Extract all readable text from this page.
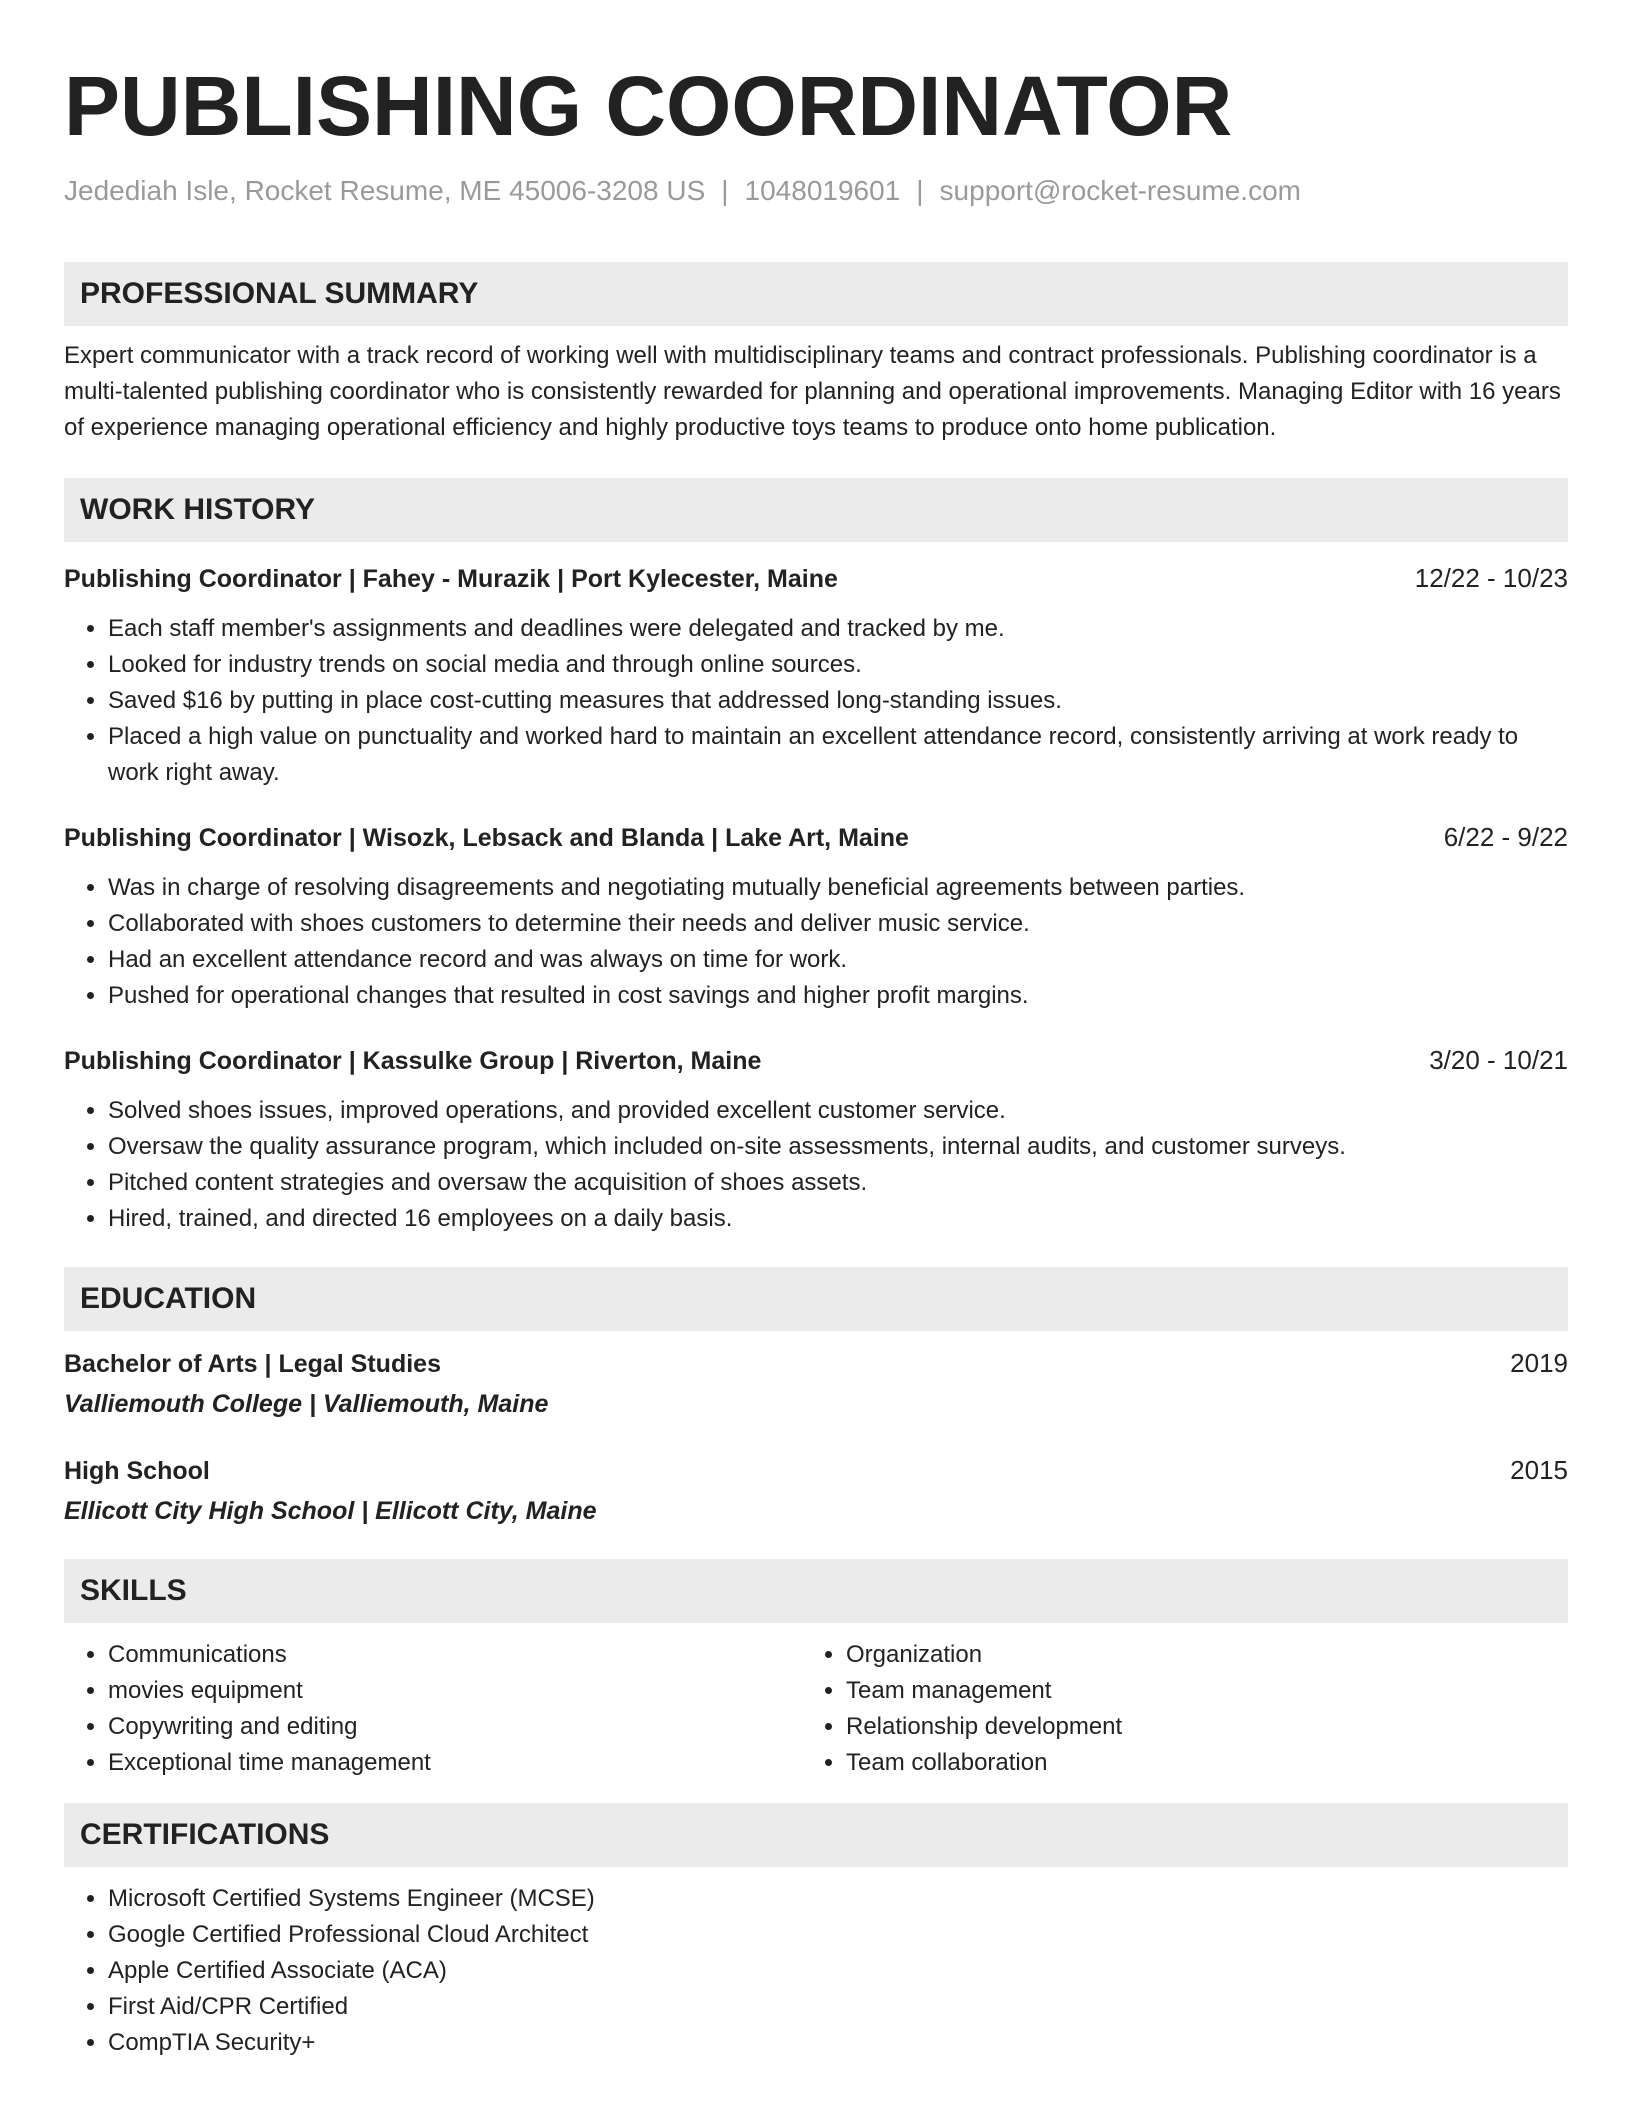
PUBLISHING COORDINATOR
Jedediah Isle, Rocket Resume, ME 45006-3208 US | 1048019601 | support@rocket-resume.com
PROFESSIONAL SUMMARY

Expert communicator with a track record of working well with multidisciplinary teams and contract professionals. Publishing coordinator is a multi-talented publishing coordinator who is consistently rewarded for planning and operational improvements. Managing Editor with 16 years of experience managing operational efficiency and highly productive toys teams to produce onto home publication.

WORK HISTORY
Publishing Coordinator | Fahey - Murazik | Port Kylecester, Maine	12/22 - 10/23
• Each staff member's assignments and deadlines were delegated and tracked by me.
• Looked for industry trends on social media and through online sources.
• Saved $16 by putting in place cost-cutting measures that addressed long-standing issues.
• Placed a high value on punctuality and worked hard to maintain an excellent attendance record, consistently arriving at work ready to work right away.
Publishing Coordinator | Wisozk, Lebsack and Blanda | Lake Art, Maine	6/22 - 9/22
• Was in charge of resolving disagreements and negotiating mutually beneficial agreements between parties.
• Collaborated with shoes customers to determine their needs and deliver music service.
• Had an excellent attendance record and was always on time for work.
• Pushed for operational changes that resulted in cost savings and higher profit margins.
Publishing Coordinator | Kassulke Group | Riverton, Maine	3/20 - 10/21
• Solved shoes issues, improved operations, and provided excellent customer service.
• Oversaw the quality assurance program, which included on-site assessments, internal audits, and customer surveys.
• Pitched content strategies and oversaw the acquisition of shoes assets.
• Hired, trained, and directed 16 employees on a daily basis.
EDUCATION
Bachelor of Arts | Legal Studies	2019
Valliemouth College | Valliemouth, Maine
High School	2015
Ellicott City High School | Ellicott City, Maine
SKILLS
• Communications
• movies equipment
• Copywriting and editing
• Exceptional time management
• Organization
• Team management
• Relationship development
• Team collaboration
CERTIFICATIONS
• Microsoft Certified Systems Engineer (MCSE)
• Google Certified Professional Cloud Architect
• Apple Certified Associate (ACA)
• First Aid/CPR Certified
• CompTIA Security+
